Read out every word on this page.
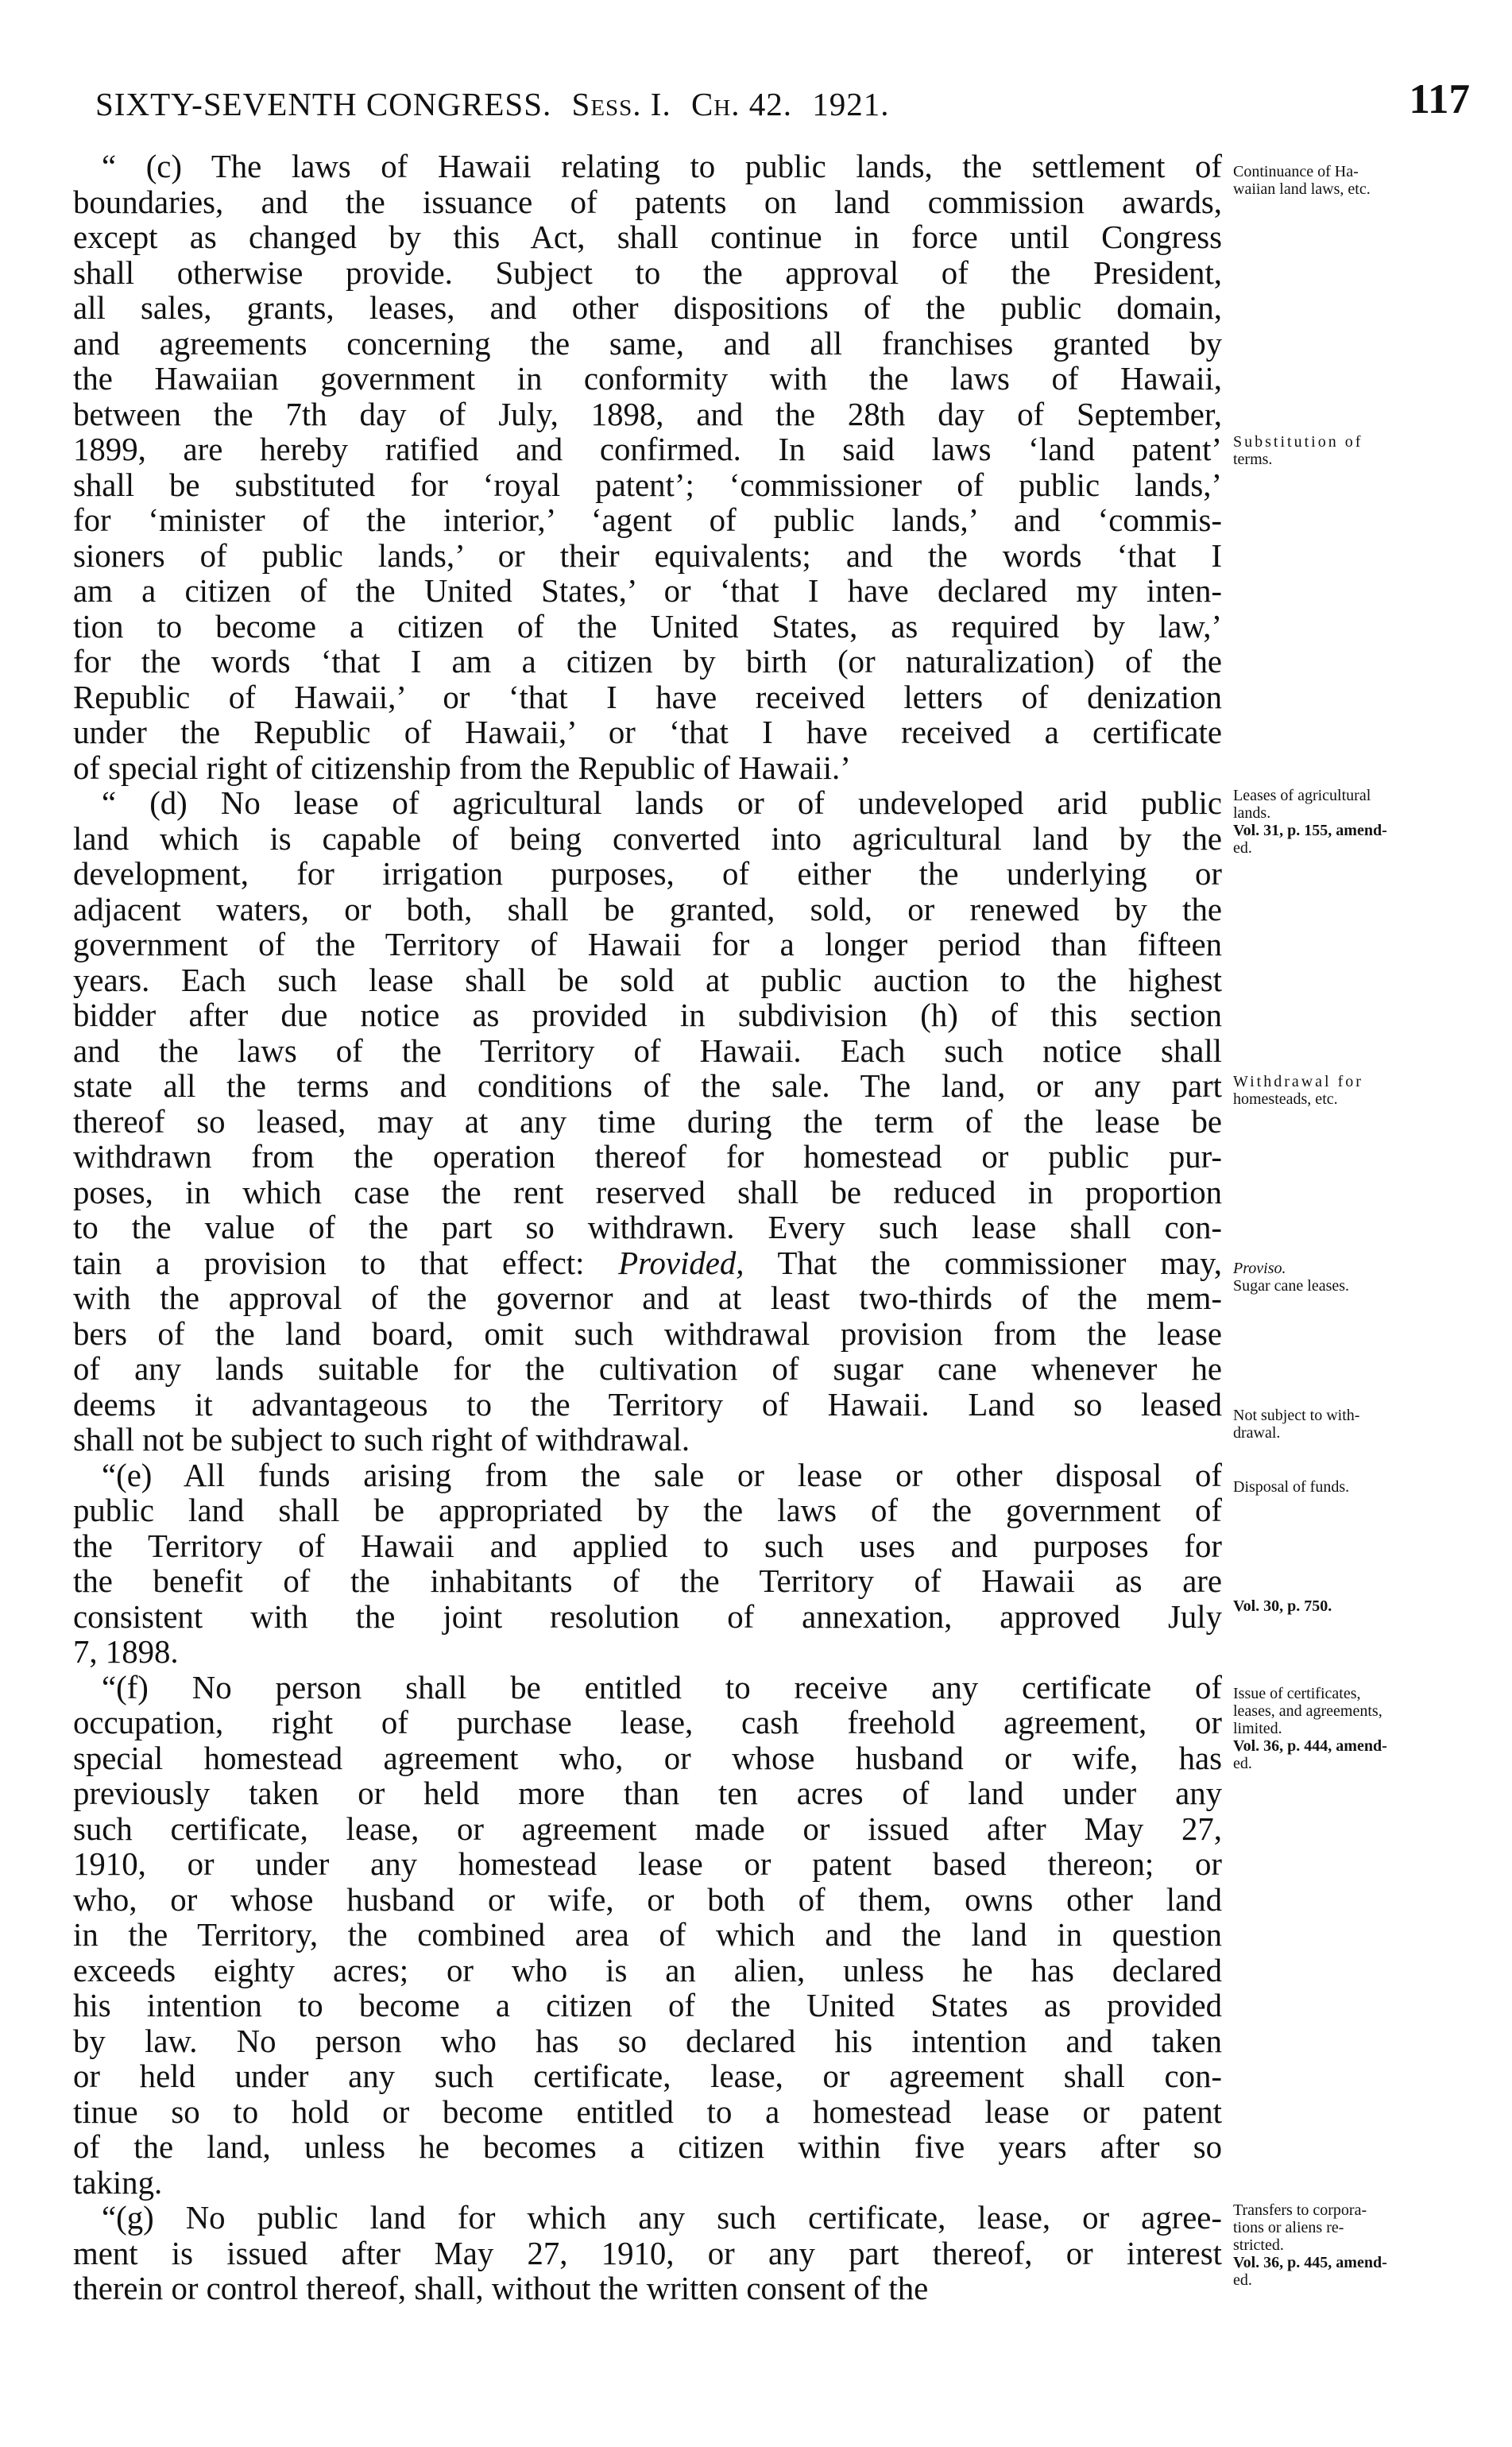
SIXTY-SEVENTH CONGRESS. Sess. I. Ch. 42. 1921.	117
“ (c) The laws of Hawaii relating to public lands, the settlement of
boundaries, and the issuance of patents on land commission awards,
except as changed by this Act, shall continue in force until Congress
shall otherwise provide. Subject to the approval of the President,
all sales, grants, leases, and other dispositions of the public domain,
and agreements concerning the same, and all franchises granted by
the Hawaiian government in conformity with the laws of Hawaii,
between the 7th day of July, 1898, and the 28th day of September,
1899, are hereby ratified and confirmed. In said laws ‘land patent’
shall be substituted for ‘royal patent’; ‘commissioner of public lands,’
for ‘minister of the interior,’ ‘agent of public lands,’ and ‘commis-
sioners of public lands,’ or their equivalents; and the words ‘that I
am a citizen of the United States,’ or ‘that I have declared my inten-
tion to become a citizen of the United States, as required by law,’
for the words ‘that I am a citizen by birth (or naturalization) of the
Republic of Hawaii,’ or ‘that I have received letters of denization
under the Republic of Hawaii,’ or ‘that I have received a certificate
of special right of citizenship from the Republic of Hawaii.’
“ (d) No lease of agricultural lands or of undeveloped arid public
land which is capable of being converted into agricultural land by the
development, for irrigation purposes, of either the underlying or
adjacent waters, or both, shall be granted, sold, or renewed by the
government of the Territory of Hawaii for a longer period than fifteen
years. Each such lease shall be sold at public auction to the highest
bidder after due notice as provided in subdivision (h) of this section
and the laws of the Territory of Hawaii. Each such notice shall
state all the terms and conditions of the sale. The land, or any part
thereof so leased, may at any time during the term of the lease be
withdrawn from the operation thereof for homestead or public pur-
poses, in which case the rent reserved shall be reduced in proportion
to the value of the part so withdrawn. Every such lease shall con-
tain a provision to that effect: Provided, That the commissioner may,
with the approval of the governor and at least two-thirds of the mem-
bers of the land board, omit such withdrawal provision from the lease
of any lands suitable for the cultivation of sugar cane whenever he
deems it advantageous to the Territory of Hawaii. Land so leased
shall not be subject to such right of withdrawal.
“(e) All funds arising from the sale or lease or other disposal of
public land shall be appropriated by the laws of the government of
the Territory of Hawaii and applied to such uses and purposes for
the benefit of the inhabitants of the Territory of Hawaii as are
consistent with the joint resolution of annexation, approved July
7, 1898.
“(f) No person shall be entitled to receive any certificate of
occupation, right of purchase lease, cash freehold agreement, or
special homestead agreement who, or whose husband or wife, has
previously taken or held more than ten acres of land under any
such certificate, lease, or agreement made or issued after May 27,
1910, or under any homestead lease or patent based thereon; or
who, or whose husband or wife, or both of them, owns other land
in the Territory, the combined area of which and the land in question
exceeds eighty acres; or who is an alien, unless he has declared
his intention to become a citizen of the United States as provided
by law. No person who has so declared his intention and taken
or held under any such certificate, lease, or agreement shall con-
tinue so to hold or become entitled to a homestead lease or patent
of the land, unless he becomes a citizen within five years after so
taking.
“(g) No public land for which any such certificate, lease, or agree-
ment is issued after May 27, 1910, or any part thereof, or interest
therein or control thereof, shall, without the written consent of the
Continuance of Ha-
waiian land laws, etc.
Substitution of
terms.
Leases of agricultural
lands.
Vol. 31, p. 155, amend-
ed.
Withdrawal for
homesteads, etc.
Proviso.
Sugar cane leases.
Not subject to with-
drawal.
Disposal of funds.
Vol. 30, p. 750.
Issue of certificates,
leases, and agreements,
limited.
Vol. 36, p. 444, amend-
ed.
Transfers to corpora-
tions or aliens re-
stricted.
Vol. 36, p. 445, amend-
ed.
